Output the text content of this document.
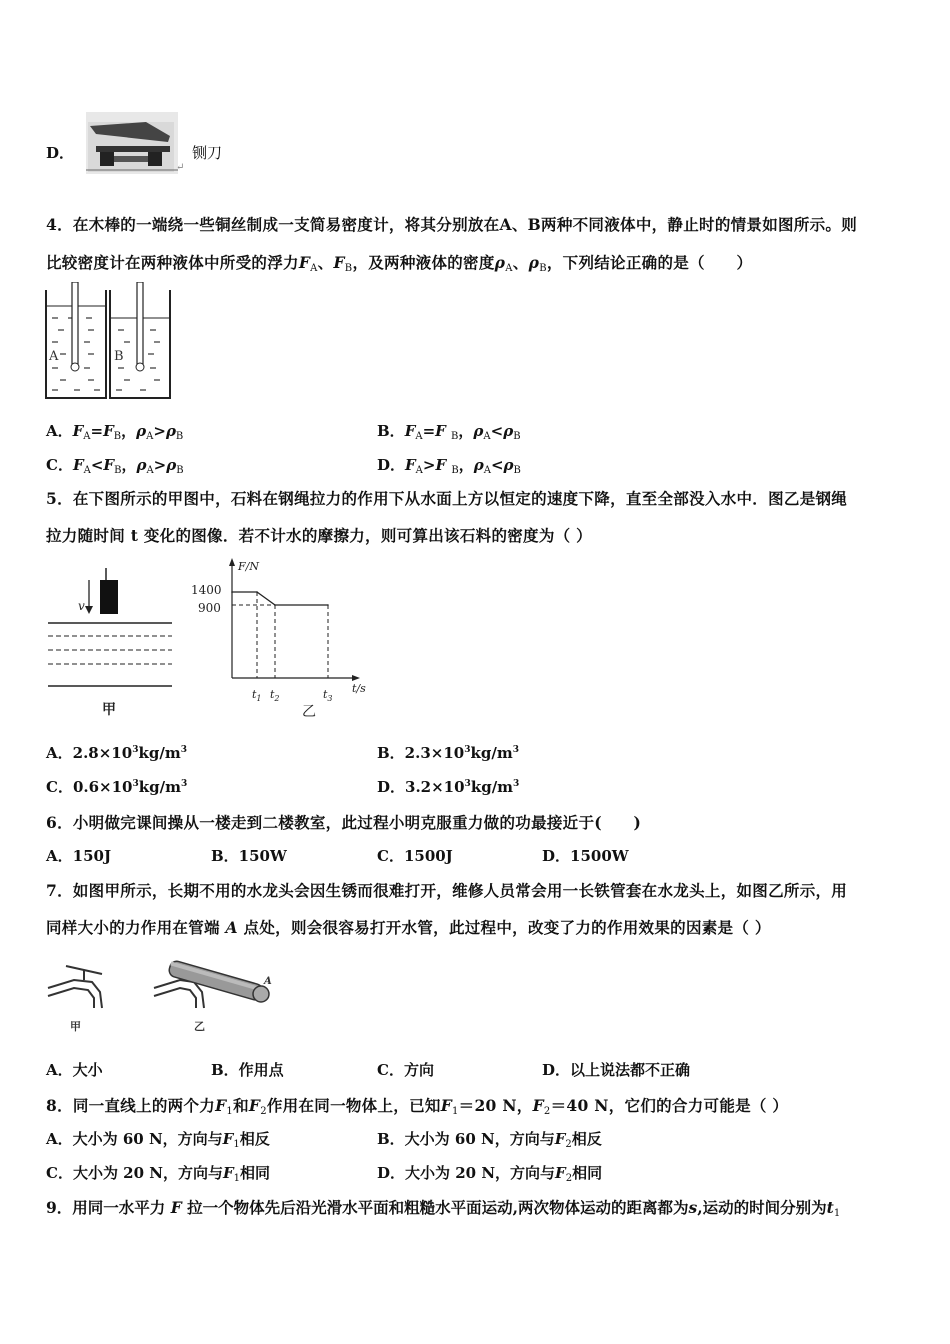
D．	铡刀
↵
4．在木棒的一端绕一些铜丝制成一支简易密度计，将其分别放在A、B两种不同液体中，静止时的情景如图所示。则
比较密度计在两种液体中所受的浮力$F_A$、$F_B$，及两种液体的密度$\rho_A$、$\rho_B$，下列结论正确的是（　　）
A	B
A．$F_A=F_B$，$\rho_A>\rho_B$	B．$F_A=F$ $_B$，$\rho_A<\rho_B$
C．$F_A<F_B$，$\rho_A>\rho_B$	D．$F_A>F$ $_B$，$\rho_A<\rho_B$
5．在下图所示的甲图中，石料在钢绳拉力的作用下从水面上方以恒定的速度下降，直至全部没入水中．图乙是钢绳
拉力随时间 t 变化的图像．若不计水的摩擦力，则可算出该石料的密度为（ ）
v
甲
F/N
t/s
1400
900
$t_1$ $t_2$	$t_3$
乙
A．$2.8\times 10^3kg/m^3$	B．$2.3\times 10^3kg/m^3$
C．$0.6\times 10^3kg/m^3$	D．$3.2\times 10^3kg/m^3$
6．小明做完课间操从一楼走到二楼教室，此过程小明克服重力做的功最接近于(　　)
A．150J	B．150W	C．1500J	D．1500W
7．如图甲所示，长期不用的水龙头会因生锈而很难打开，维修人员常会用一长铁管套在水龙头上，如图乙所示，用
同样大小的力作用在管端 A 点处，则会很容易打开水管，此过程中，改变了力的作用效果的因素是（ ）
甲
A
乙
A．大小	B．作用点	C．方向	D．以上说法都不正确
8．同一直线上的两个力$F_1$和$F_2$作用在同一物体上，已知$F_1=20$ N，$F_2=40$ N，它们的合力可能是（ ）
A．大小为 60 N，方向与$F_1$相反	B．大小为 60 N，方向与$F_2$相反
C．大小为 20 N，方向与$F_1$相同	D．大小为 20 N，方向与$F_2$相同
9．用同一水平力 F 拉一个物体先后沿光滑水平面和粗糙水平面运动,两次物体运动的距离都为s,运动的时间分别为$t_1$
